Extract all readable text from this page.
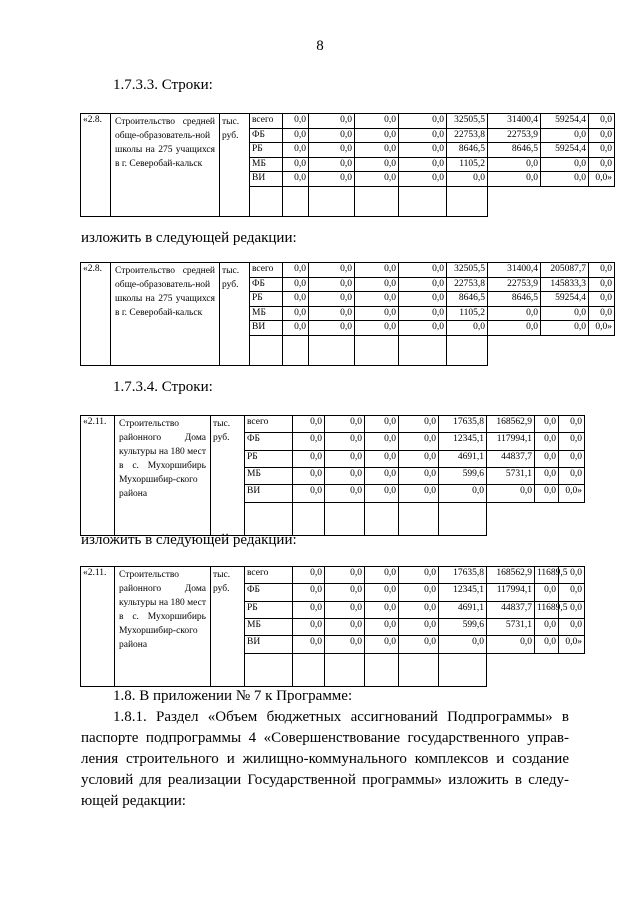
8
1.7.3.3. Строки:
«2.8.	Строительство средней обще-образователь-ной школы на 275 учащихся в г. Северобай-кальск	тыс. руб.	всего	0,0	0,0	0,0	0,0	32505,5	31400,4	59254,4	0,0
			ФБ	0,0	0,0	0,0	0,0	22753,8	22753,9	0,0	0,0
			РБ	0,0	0,0	0,0	0,0	8646,5	8646,5	59254,4	0,0
			МБ	0,0	0,0	0,0	0,0	1105,2	0,0	0,0	0,0
			ВИ	0,0	0,0	0,0	0,0	0,0	0,0	0,0	0,0»

изложить в следующей редакции:
«2.8.	Строительство средней обще-образователь-ной школы на 275 учащихся в г. Северобай-кальск	тыс. руб.	всего	0,0	0,0	0,0	0,0	32505,5	31400,4	205087,7	0,0
			ФБ	0,0	0,0	0,0	0,0	22753,8	22753,9	145833,3	0,0
			РБ	0,0	0,0	0,0	0,0	8646,5	8646,5	59254,4	0,0
			МБ	0,0	0,0	0,0	0,0	1105,2	0,0	0,0	0,0
			ВИ	0,0	0,0	0,0	0,0	0,0	0,0	0,0	0,0»

1.7.3.4. Строки:
«2.11.	Строительство районного Дома культуры на 180 мест в с. Мухоршибирь Мухоршибир-ского района	тыс. руб.	всего	0,0	0,0	0,0	0,0	17635,8	168562,9	0,0	0,0
			ФБ	0,0	0,0	0,0	0,0	12345,1	117994,1	0,0	0,0
			РБ	0,0	0,0	0,0	0,0	4691,1	44837,7	0,0	0,0
			МБ	0,0	0,0	0,0	0,0	599,6	5731,1	0,0	0,0
			ВИ	0,0	0,0	0,0	0,0	0,0	0,0	0,0	0,0»

изложить в следующей редакции:
«2.11.	Строительство районного Дома культуры на 180 мест в с. Мухоршибирь Мухоршибир-ского района	тыс. руб.	всего	0,0	0,0	0,0	0,0	17635,8	168562,9	11689,5	0,0
			ФБ	0,0	0,0	0,0	0,0	12345,1	117994,1	0,0	0,0
			РБ	0,0	0,0	0,0	0,0	4691,1	44837,7	11689,5	0,0
			МБ	0,0	0,0	0,0	0,0	599,6	5731,1	0,0	0,0
			ВИ	0,0	0,0	0,0	0,0	0,0	0,0	0,0	0,0»

1.8. В приложении № 7 к Программе:

1.8.1. Раздел «Объем бюджетных ассигнований Подпрограммы» в паспорте подпрограммы 4 «Совершенствование государственного управ-ления строительного и жилищно-коммунального комплексов и создание условий для реализации Государственной программы» изложить в следу-ющей редакции:
